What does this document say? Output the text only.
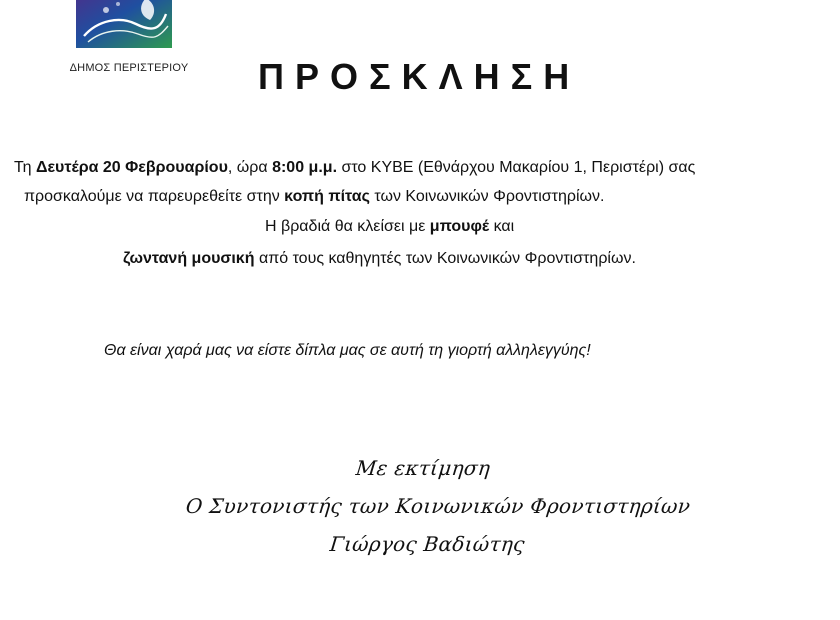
ΔΗΜΟΣ ΠΕΡΙΣΤΕΡΙΟΥ	ΠΡΟΣΚΛΗΣΗ
Τη Δευτέρα 20 Φεβρουαρίου, ώρα 8:00 μ.μ. στο ΚΥΒΕ (Εθνάρχου Μακαρίου 1, Περιστέρι) σας
προσκαλούμε να παρευρεθείτε στην κοπή πίτας των Κοινωνικών Φροντιστηρίων.
Η βραδιά θα κλείσει με μπουφέ και
ζωντανή μουσική από τους καθηγητές των Κοινωνικών Φροντιστηρίων.
Θα είναι χαρά μας να είστε δίπλα μας σε αυτή τη γιορτή αλληλεγγύης!
Με εκτίμηση
Ο Συντονιστής των Κοινωνικών Φροντιστηρίων
Γιώργος Βαδιώτης
